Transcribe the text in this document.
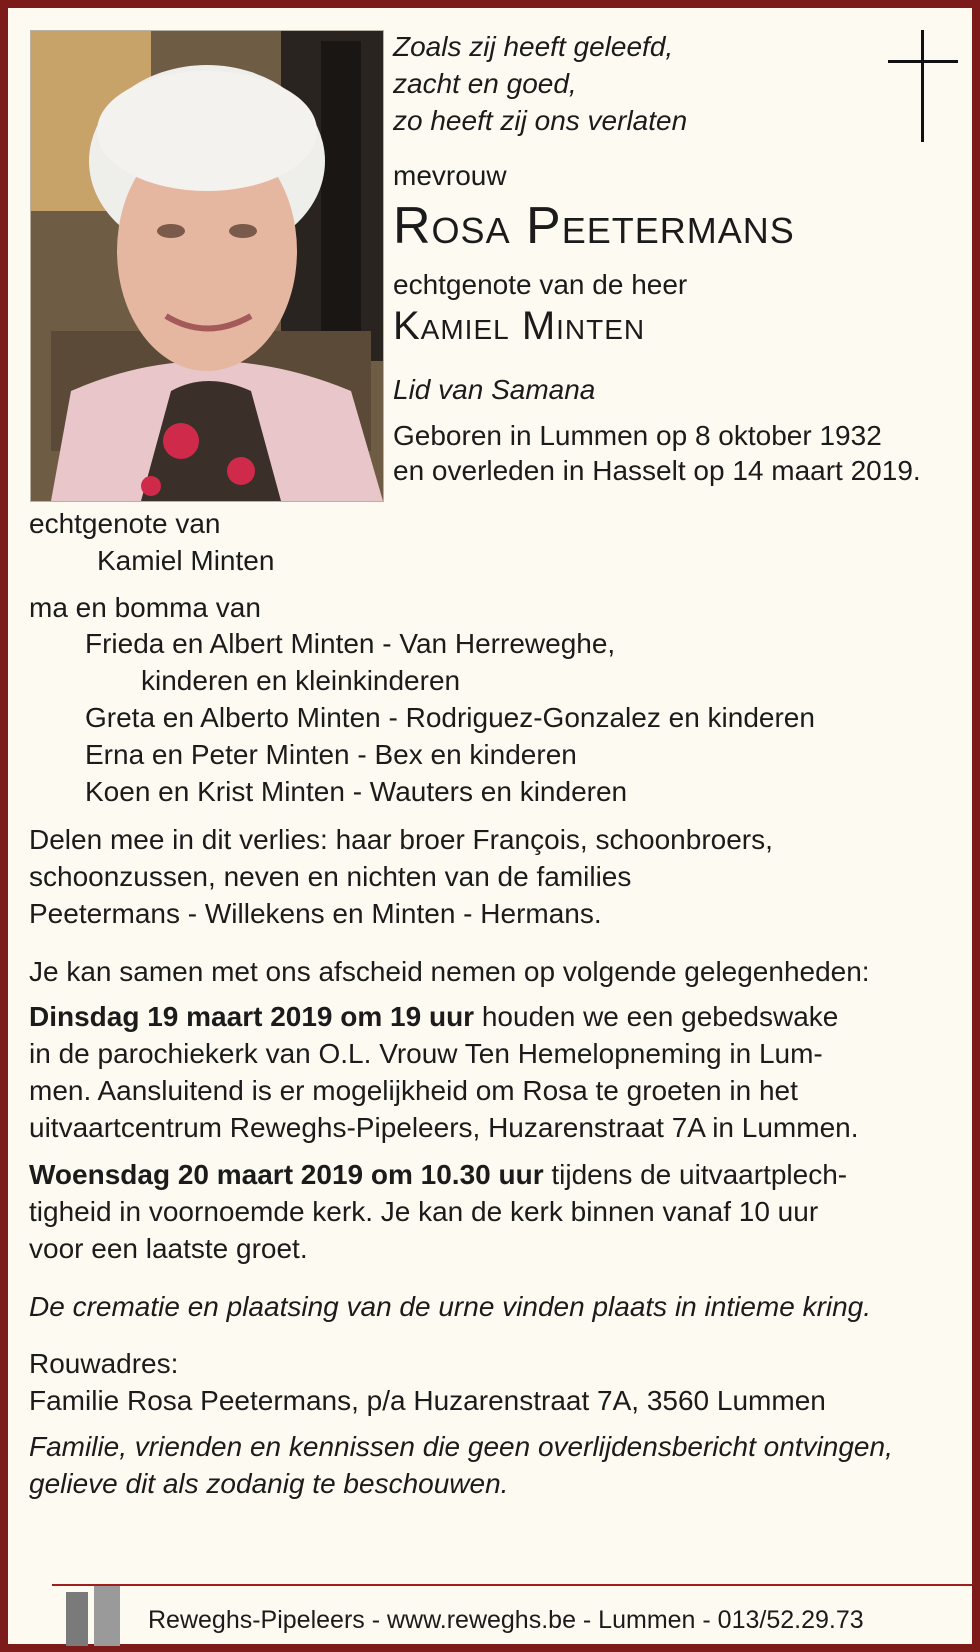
Zoals zij heeft geleefd,
zacht en goed,
zo heeft zij ons verlaten
mevrouw
Rosa Peetermans
echtgenote van de heer
Kamiel Minten
Lid van Samana
Geboren in Lummen op 8 oktober 1932
en overleden in Hasselt op 14 maart 2019.
echtgenote van
Kamiel Minten
ma en bomma van
Frieda en Albert Minten - Van Herreweghe,
kinderen en kleinkinderen
Greta en Alberto Minten - Rodriguez-Gonzalez en kinderen
Erna en Peter Minten - Bex en kinderen
Koen en Krist Minten - Wauters en kinderen
Delen mee in dit verlies: haar broer François, schoonbroers,
schoonzussen, neven en nichten van de families
Peetermans - Willekens en Minten - Hermans.
Je kan samen met ons afscheid nemen op volgende gelegenheden:
Dinsdag 19 maart 2019 om 19 uur houden we een gebedswake
in de parochiekerk van O.L. Vrouw Ten Hemelopneming in Lum-
men. Aansluitend is er mogelijkheid om Rosa te groeten in het
uitvaartcentrum Reweghs-Pipeleers, Huzarenstraat 7A in Lummen.
Woensdag 20 maart 2019 om 10.30 uur tijdens de uitvaartplech-
tigheid in voornoemde kerk. Je kan de kerk binnen vanaf 10 uur
voor een laatste groet.
De crematie en plaatsing van de urne vinden plaats in intieme kring.
Rouwadres:
Familie Rosa Peetermans, p/a Huzarenstraat 7A, 3560 Lummen
Familie, vrienden en kennissen die geen overlijdensbericht ontvingen,
gelieve dit als zodanig te beschouwen.
Reweghs-Pipeleers - www.reweghs.be - Lummen - 013/52.29.73
